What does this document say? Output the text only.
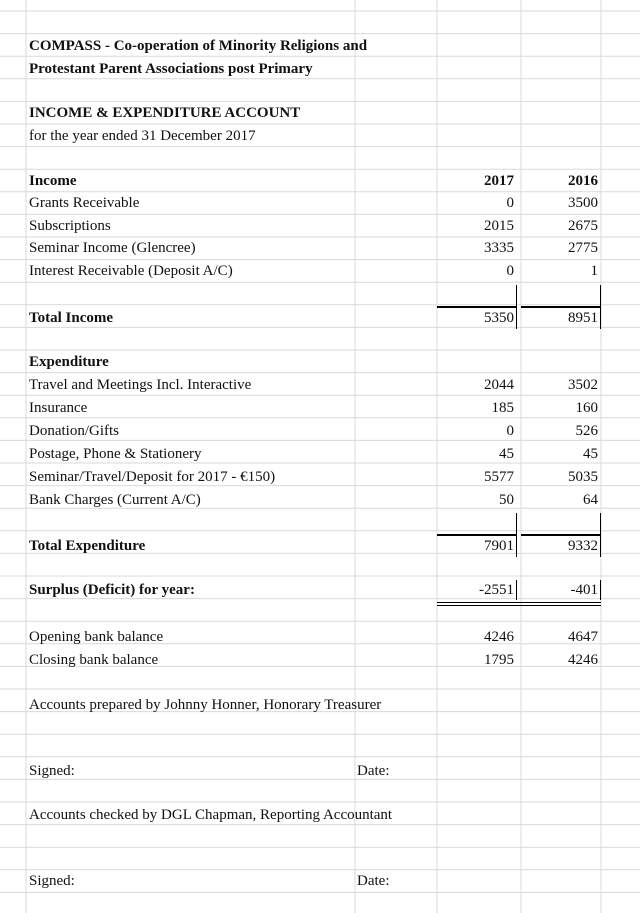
COMPASS - Co-operation of Minority Religions and
Protestant Parent Associations post Primary
INCOME & EXPENDITURE ACCOUNT
for the year ended 31 December 2017
Income	2017	2016
Grants Receivable	0	3500
Subscriptions	2015	2675
Seminar Income (Glencree)	3335	2775
Interest Receivable (Deposit A/C)	0	1
Total Income	5350	8951
Expenditure
Travel and Meetings Incl. Interactive	2044	3502
Insurance	185	160
Donation/Gifts	0	526
Postage, Phone & Stationery	45	45
Seminar/Travel/Deposit for 2017 - €150)	5577	5035
Bank Charges (Current A/C)	50	64
Total Expenditure	7901	9332
Surplus (Deficit) for year:	-2551	-401
Opening bank balance	4246	4647
Closing bank balance	1795	4246
Accounts prepared by Johnny Honner, Honorary Treasurer
Signed:	Date:
Accounts checked by DGL Chapman, Reporting Accountant
Signed:	Date:
